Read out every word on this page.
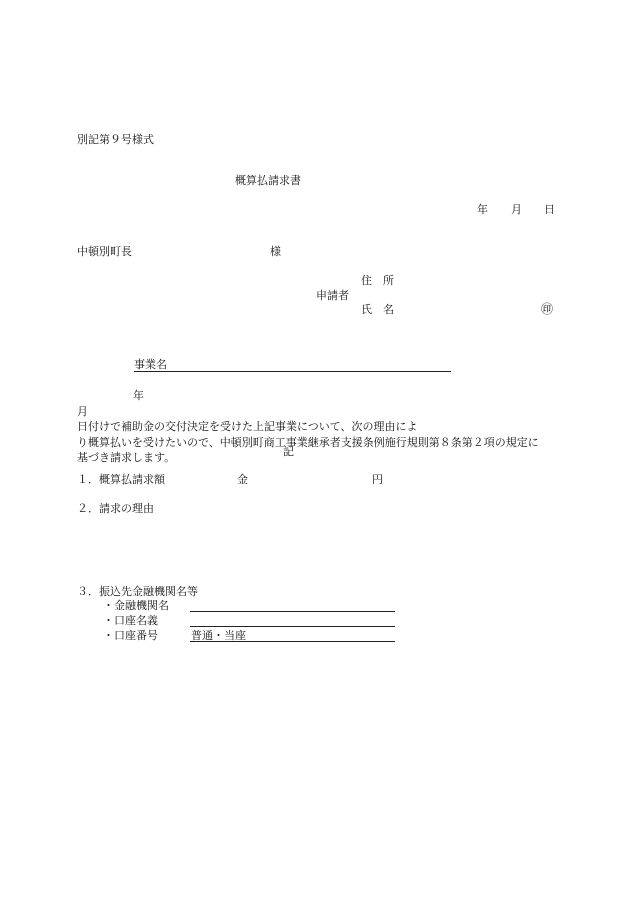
別記第９号様式
概算払請求書
年 月 日
中頓別町長	様
住　所
申請者
氏　名	㊞
事業名
年
月
日付けで補助金の交付決定を受けた上記事業について、次の理由によ
り概算払いを受けたいので、中頓別町商工事業継承者支援条例施行規則第８条第２項の規定に
基づき請求します。	記
１． 概算払請求額	金	円
２． 請求の理由
３． 振込先金融機関名等
・金融機関名
・口座名義
・口座番号	普通・当座
